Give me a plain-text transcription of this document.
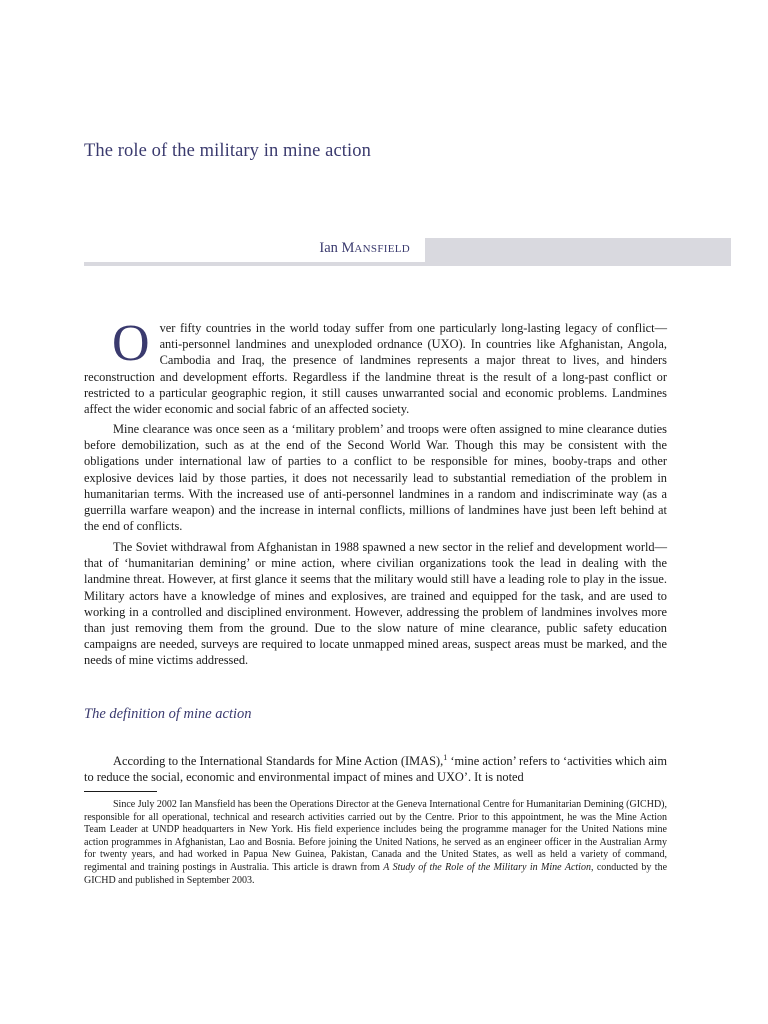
The role of the military in mine action
Ian MANSFIELD
O ver fifty countries in the world today suffer from one particularly long-lasting legacy of conflict—anti-personnel landmines and unexploded ordnance (UXO). In countries like Afghanistan, Angola, Cambodia and Iraq, the presence of landmines represents a major threat to lives, and hinders reconstruction and development efforts. Regardless if the landmine threat is the result of a long-past conflict or restricted to a particular geographic region, it still causes unwarranted social and economic problems. Landmines affect the wider economic and social fabric of an affected society.

Mine clearance was once seen as a ‘military problem’ and troops were often assigned to mine clearance duties before demobilization, such as at the end of the Second World War. Though this may be consistent with the obligations under international law of parties to a conflict to be responsible for mines, booby-traps and other explosive devices laid by those parties, it does not necessarily lead to substantial remediation of the problem in humanitarian terms. With the increased use of anti-personnel landmines in a random and indiscriminate way (as a guerrilla warfare weapon) and the increase in internal conflicts, millions of landmines have just been left behind at the end of conflicts.

The Soviet withdrawal from Afghanistan in 1988 spawned a new sector in the relief and development world—that of ‘humanitarian demining’ or mine action, where civilian organizations took the lead in dealing with the landmine threat. However, at first glance it seems that the military would still have a leading role to play in the issue. Military actors have a knowledge of mines and explosives, are trained and equipped for the task, and are used to working in a controlled and disciplined environment. However, addressing the problem of landmines involves more than just removing them from the ground. Due to the slow nature of mine clearance, public safety education campaigns are needed, surveys are required to locate unmapped mined areas, suspect areas must be marked, and the needs of mine victims addressed.

The definition of mine action

According to the International Standards for Mine Action (IMAS),$^1$ ‘mine action’ refers to ‘activities which aim to reduce the social, economic and environmental impact of mines and UXO’. It is noted

Since July 2002 Ian Mansfield has been the Operations Director at the Geneva International Centre for Humanitarian Demining (GICHD), responsible for all operational, technical and research activities carried out by the Centre. Prior to this appointment, he was the Mine Action Team Leader at UNDP headquarters in New York. His field experience includes being the programme manager for the United Nations mine action programmes in Afghanistan, Lao and Bosnia. Before joining the United Nations, he served as an engineer officer in the Australian Army for twenty years, and had worked in Papua New Guinea, Pakistan, Canada and the United States, as well as held a variety of command, regimental and training postings in Australia. This article is drawn from A Study of the Role of the Military in Mine Action, conducted by the GICHD and published in September 2003.
